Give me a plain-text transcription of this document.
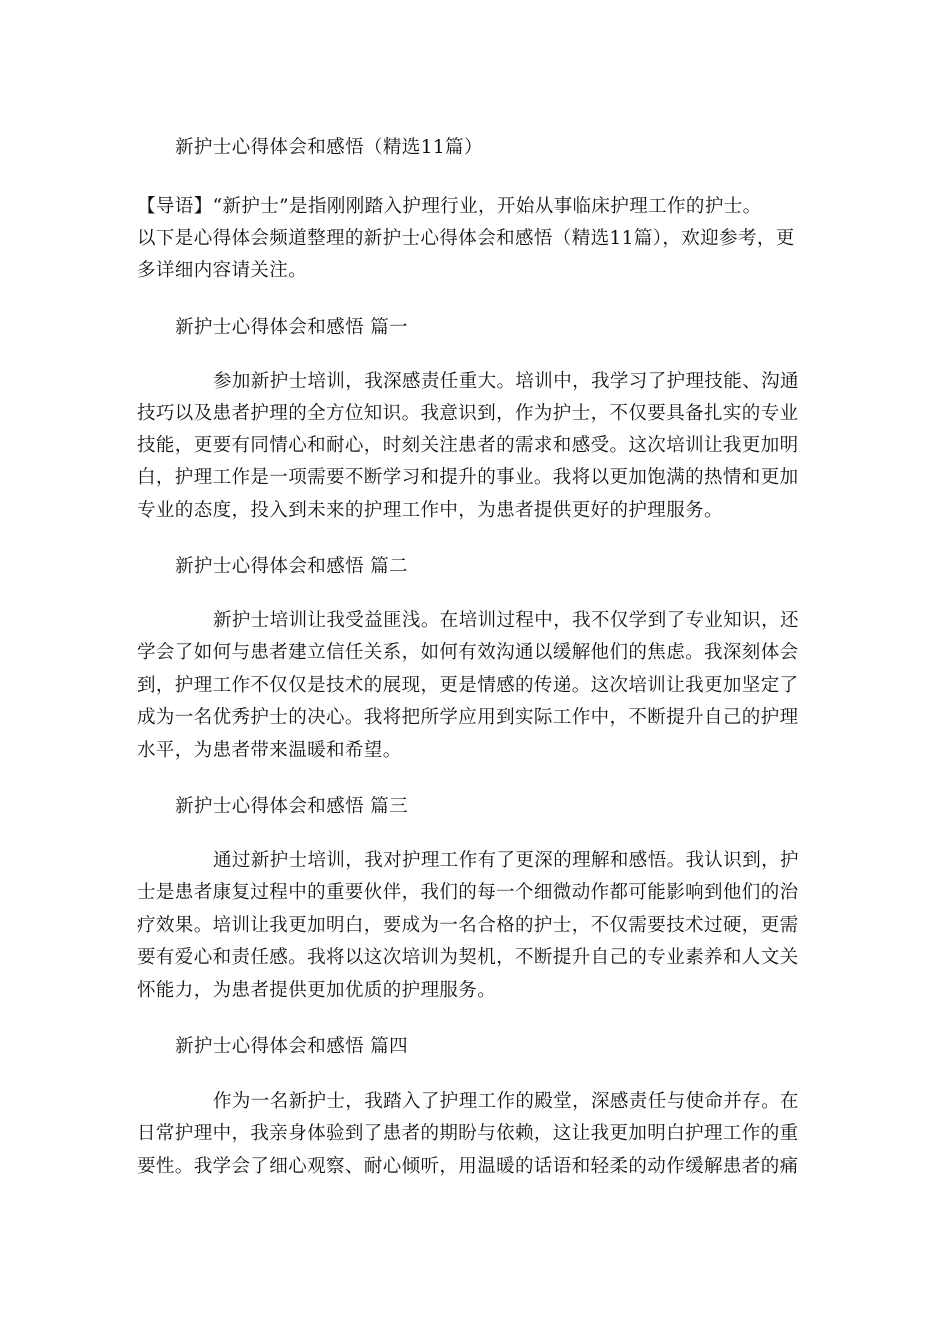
新护士心得体会和感悟（精选11篇）
【导语】“新护士”是指刚刚踏入护理行业，开始从事临床护理工作的护士。
以下是心得体会频道整理的新护士心得体会和感悟（精选11篇），欢迎参考，更
多详细内容请关注。
新护士心得体会和感悟 篇一
参加新护士培训，我深感责任重大。培训中，我学习了护理技能、沟通
技巧以及患者护理的全方位知识。我意识到，作为护士，不仅要具备扎实的专业
技能，更要有同情心和耐心，时刻关注患者的需求和感受。这次培训让我更加明
白，护理工作是一项需要不断学习和提升的事业。我将以更加饱满的热情和更加
专业的态度，投入到未来的护理工作中，为患者提供更好的护理服务。
新护士心得体会和感悟 篇二
新护士培训让我受益匪浅。在培训过程中，我不仅学到了专业知识，还
学会了如何与患者建立信任关系，如何有效沟通以缓解他们的焦虑。我深刻体会
到，护理工作不仅仅是技术的展现，更是情感的传递。这次培训让我更加坚定了
成为一名优秀护士的决心。我将把所学应用到实际工作中，不断提升自己的护理
水平，为患者带来温暖和希望。
新护士心得体会和感悟 篇三
通过新护士培训，我对护理工作有了更深的理解和感悟。我认识到，护
士是患者康复过程中的重要伙伴，我们的每一个细微动作都可能影响到他们的治
疗效果。培训让我更加明白，要成为一名合格的护士，不仅需要技术过硬，更需
要有爱心和责任感。我将以这次培训为契机，不断提升自己的专业素养和人文关
怀能力，为患者提供更加优质的护理服务。
新护士心得体会和感悟 篇四
作为一名新护士，我踏入了护理工作的殿堂，深感责任与使命并存。在
日常护理中，我亲身体验到了患者的期盼与依赖，这让我更加明白护理工作的重
要性。我学会了细心观察、耐心倾听，用温暖的话语和轻柔的动作缓解患者的痛
